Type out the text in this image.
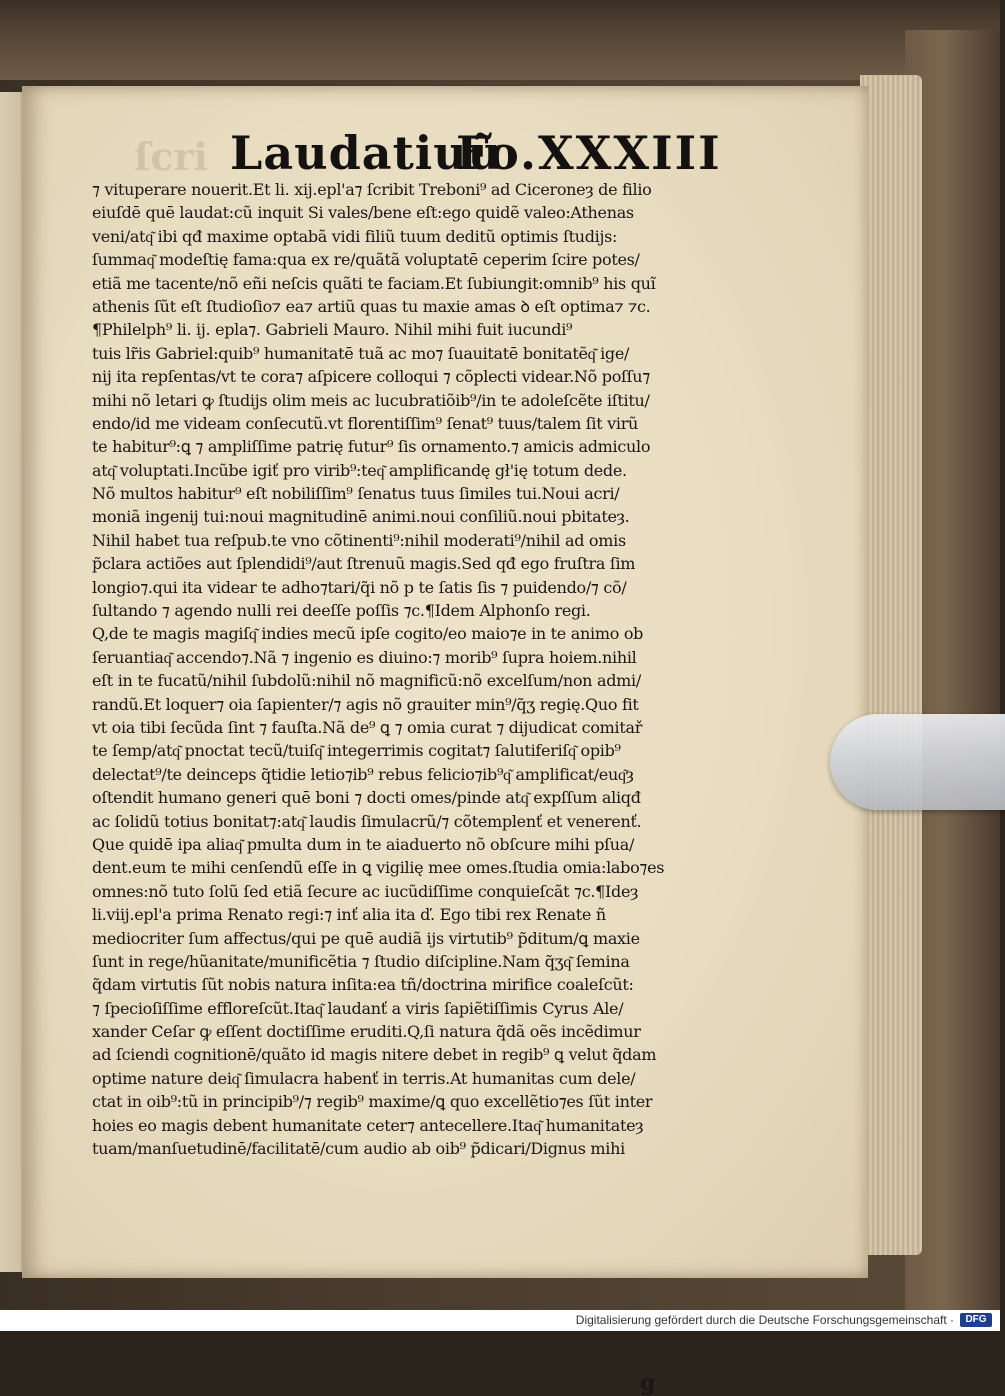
ſcri Laudatiuũ
Fo.XXXIII
⁊ vituperare nouerit.Et li. xij.epl'a⁊ ſcribit Treboni⁹ ad Ciceroneȝ de filio
eiuſdē quē laudat:cũ inquit Si vales/bene eſt:ego quidẽ valeo:Athenas
veni/atq͂ ibi qđ maxime optabã vidi filiũ tuum deditũ optimis ſtudijs:
ſummaq͂ modeſtię fama:qua ex re/quãtã voluptatē ceperim ſcire potes/
etiã me tacente/nõ eñi neſcis quãti te faciam.Et ſubiungit:omnib⁹ his quĩ
athenis ſũt eſt ſtudioſio⁊ ea⁊ artiũ quas tu maxie amas ꝺ eſt optima⁊ ⁊c.
¶Philelph⁹ li. ij. epla⁊. Gabrieli Mauro. Nihil mihi fuit iucundi⁹
tuis lr̃is Gabriel:quib⁹ humanitatē tuã ac mo⁊ ſuauitatē bonitatẽq͂ ige/
nij ita repſentas/vt te cora⁊ aſpicere colloqui ⁊ cõplecti videar.Nõ poſſu⁊
mihi nõ letari ꝙ ſtudijs olim meis ac lucubratiõib⁹/in te adoleſcẽte iſtitu/
endo/id me videam conſecutũ.vt florentiſſim⁹ ſenat⁹ tuus/talem ſit virũ
te habitur⁹:ꝗ ⁊ ampliſſime patrię futur⁹ ſis ornamento.⁊ amicis admiculo
atq͂ voluptati.Incũbe igiť pro virib⁹:teq͂ amplificandę gł'ię totum dede.
Nõ multos habitur⁹ eſt nobiliſſim⁹ ſenatus tuus ſimiles tui.Noui acri/
moniã ingenij tui:noui magnitudinē animi.noui conſiliũ.noui pbitateȝ.
Nihil habet tua reſpub.te vno cõtinenti⁹:nihil moderati⁹/nihil ad omis
p̃clara actiões aut ſplendidi⁹/aut ſtrenuũ magis.Sed qđ ego fruſtra ſim
longio⁊.qui ita videar te adho⁊tari/q̃i nõ p te ſatis ſis ⁊ puidendo/⁊ cõ/
ſultando ⁊ agendo nulli rei deeſſe poſſis ⁊c.¶Idem Alphonſo regi.
Q,de te magis magiſq͂ indies mecũ ipſe cogito/eo maio⁊e in te animo ob
ſeruantiaq͂ accendo⁊.Nã ⁊ ingenio es diuino:⁊ morib⁹ ſupra hoiem.nihil
eſt in te fucatũ/nihil ſubdolũ:nihil nõ magnificũ:nõ excelſum/non admi/
randũ.Et loquer⁊ oia ſapienter/⁊ agis nõ grauiter min⁹/q̃ʒ regię.Quo fit
vt oia tibi ſecũda ſint ⁊ fauſta.Nã de⁹ ꝗ ⁊ omia curat ⁊ dijudicat comitař
te ſemp/atq͂ pnoctat tecũ/tuiſq͂ integerrimis cogitat⁊ ſalutiferiſq͂ opib⁹
delectat⁹/te deinceps q̃tidie letio⁊ib⁹ rebus felicio⁊ib⁹q͂ amplificat/euq͂ȝ
oſtendit humano generi quē boni ⁊ docti omes/pinde atq͂ expſſum aliqđ
ac ſolidũ totius bonitat⁊:atq͂ laudis ſimulacrũ/⁊ cõtemplenť et venerenť.
Que quidē ipa aliaq͂ pmulta dum in te aiaduerto nõ obſcure mihi pſua/
dent.eum te mihi cenſendũ eſſe in ꝗ vigilię mee omes.ſtudia omia:labo⁊es
omnes:nõ tuto ſolũ ſed etiã ſecure ac iucũdiſſime conquieſcãt ⁊c.¶Ideȝ
li.viij.epl'a prima Renato regi:⁊ inť alia ita ď. Ego tibi rex Renate ñ
mediocriter ſum affectus/qui pe quē audiã ijs virtutib⁹ p̃ditum/ꝗ maxie
ſunt in rege/hũanitate/munificẽtia ⁊ ſtudio diſcipline.Nam q̃ʒq͂ ſemina
q̃dam virtutis ſũt nobis natura inſita:ea tñ/doctrina mirifice coaleſcũt:
⁊ ſpecioſiſſime effloreſcũt.Itaq͂ laudanť a viris ſapiẽtiſſimis Cyrus Ale/
xander Ceſar ꝙ eſſent doctiſſime eruditi.Q,ſi natura q̃dã oẽs incẽdimur
ad ſciendi cognitionē/quãto id magis nitere debet in regib⁹ ꝗ velut q̃dam
optime nature deiq͂ ſimulacra habenť in terris.At humanitas cum dele/
ctat in oib⁹:tũ in principib⁹/⁊ regib⁹ maxime/ꝗ quo excellẽtio⁊es ſũt inter
hoies eo magis debent humanitate ceter⁊ antecellere.Itaq͂ humanitateȝ
tuam/manſuetudinē/facilitatē/cum audio ab oib⁹ p̃dicari/Dignus mihi
g
Digitalisierung gefördert durch die Deutsche Forschungsgemeinschaft ·	DFG
